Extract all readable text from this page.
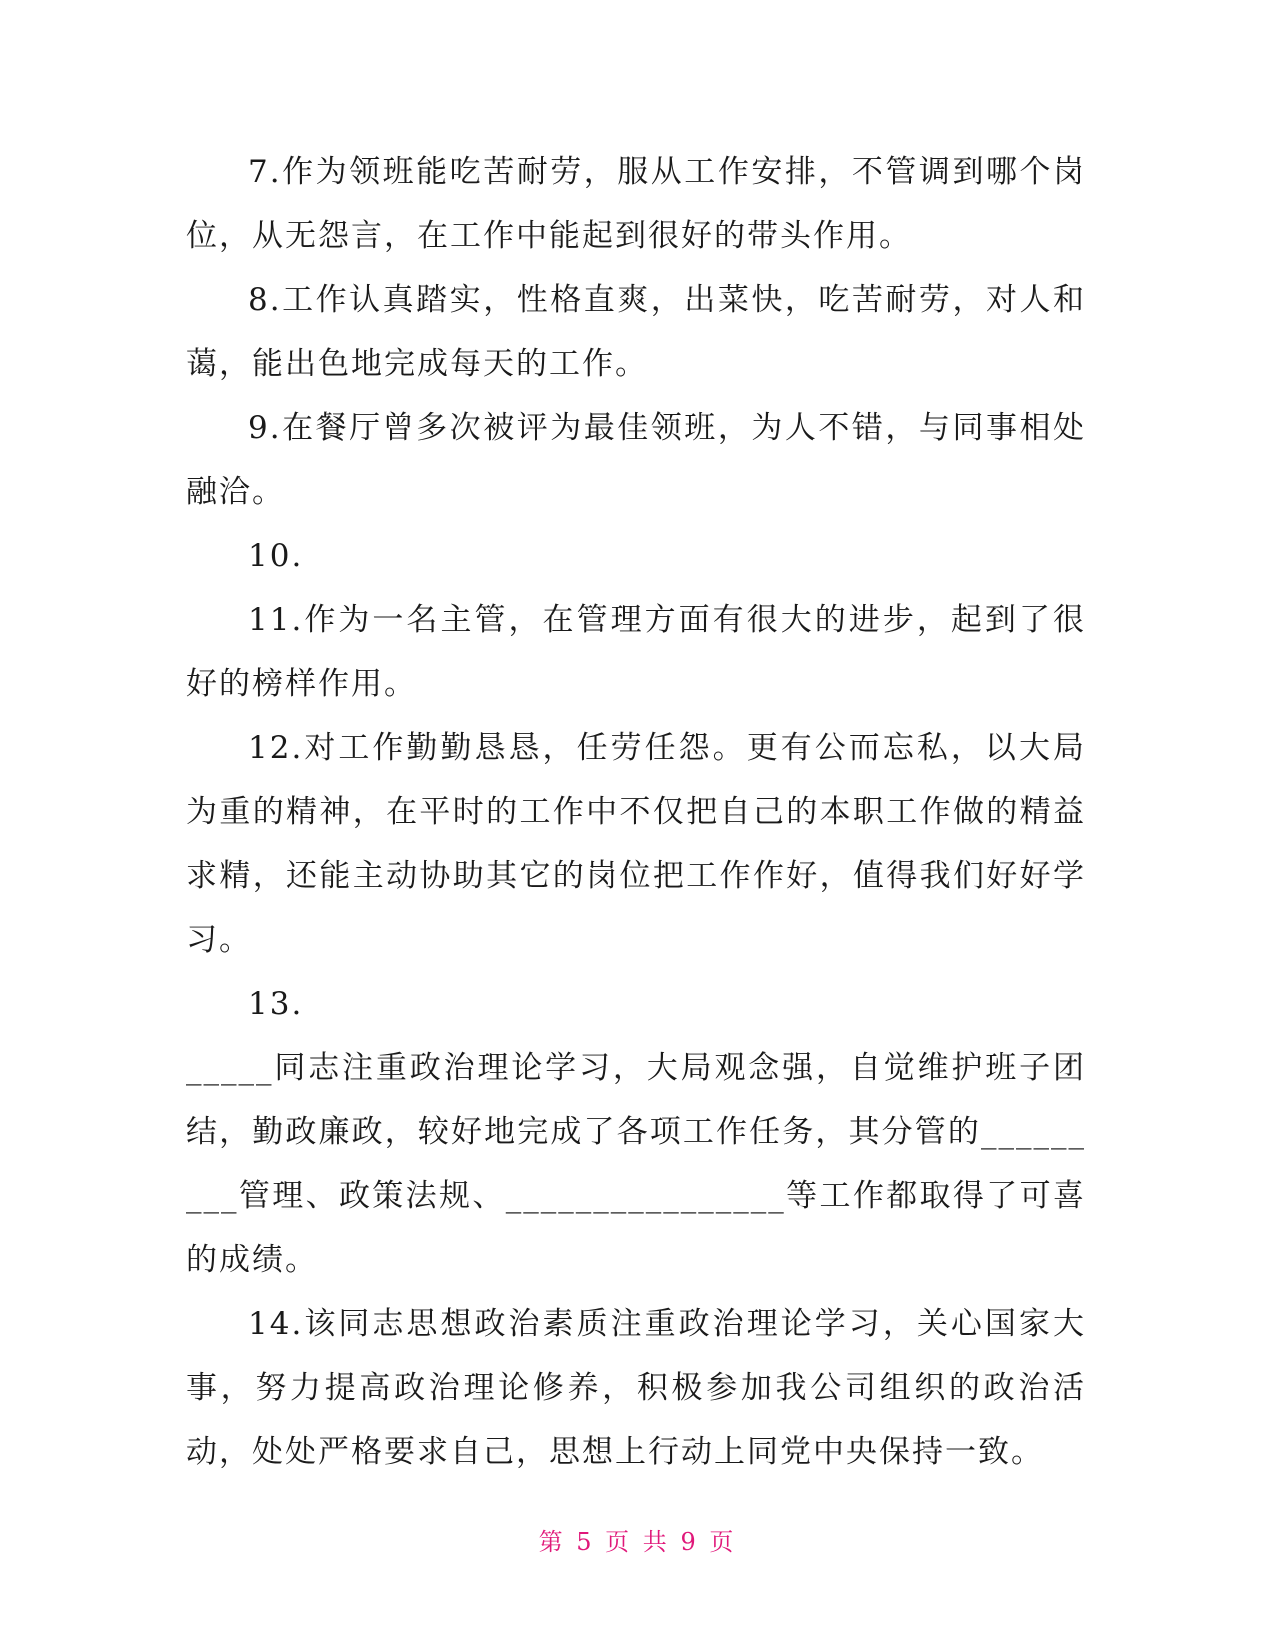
7.作为领班能吃苦耐劳，服从工作安排，不管调到哪个岗位，从无怨言，在工作中能起到很好的带头作用。

8.工作认真踏实，性格直爽，出菜快，吃苦耐劳，对人和蔼，能出色地完成每天的工作。

9.在餐厅曾多次被评为最佳领班，为人不错，与同事相处融洽。

10.

11.作为一名主管，在管理方面有很大的进步，起到了很好的榜样作用。

12.对工作勤勤恳恳，任劳任怨。更有公而忘私，以大局为重的精神，在平时的工作中不仅把自己的本职工作做的精益求精，还能主动协助其它的岗位把工作作好，值得我们好好学习。

13.

_____同志注重政治理论学习，大局观念强，自觉维护班子团结，勤政廉政，较好地完成了各项工作任务，其分管的_________管理、政策法规、________________等工作都取得了可喜的成绩。

14.该同志思想政治素质注重政治理论学习，关心国家大事，努力提高政治理论修养，积极参加我公司组织的政治活动，处处严格要求自己，思想上行动上同党中央保持一致。

第 5 页 共 9 页
